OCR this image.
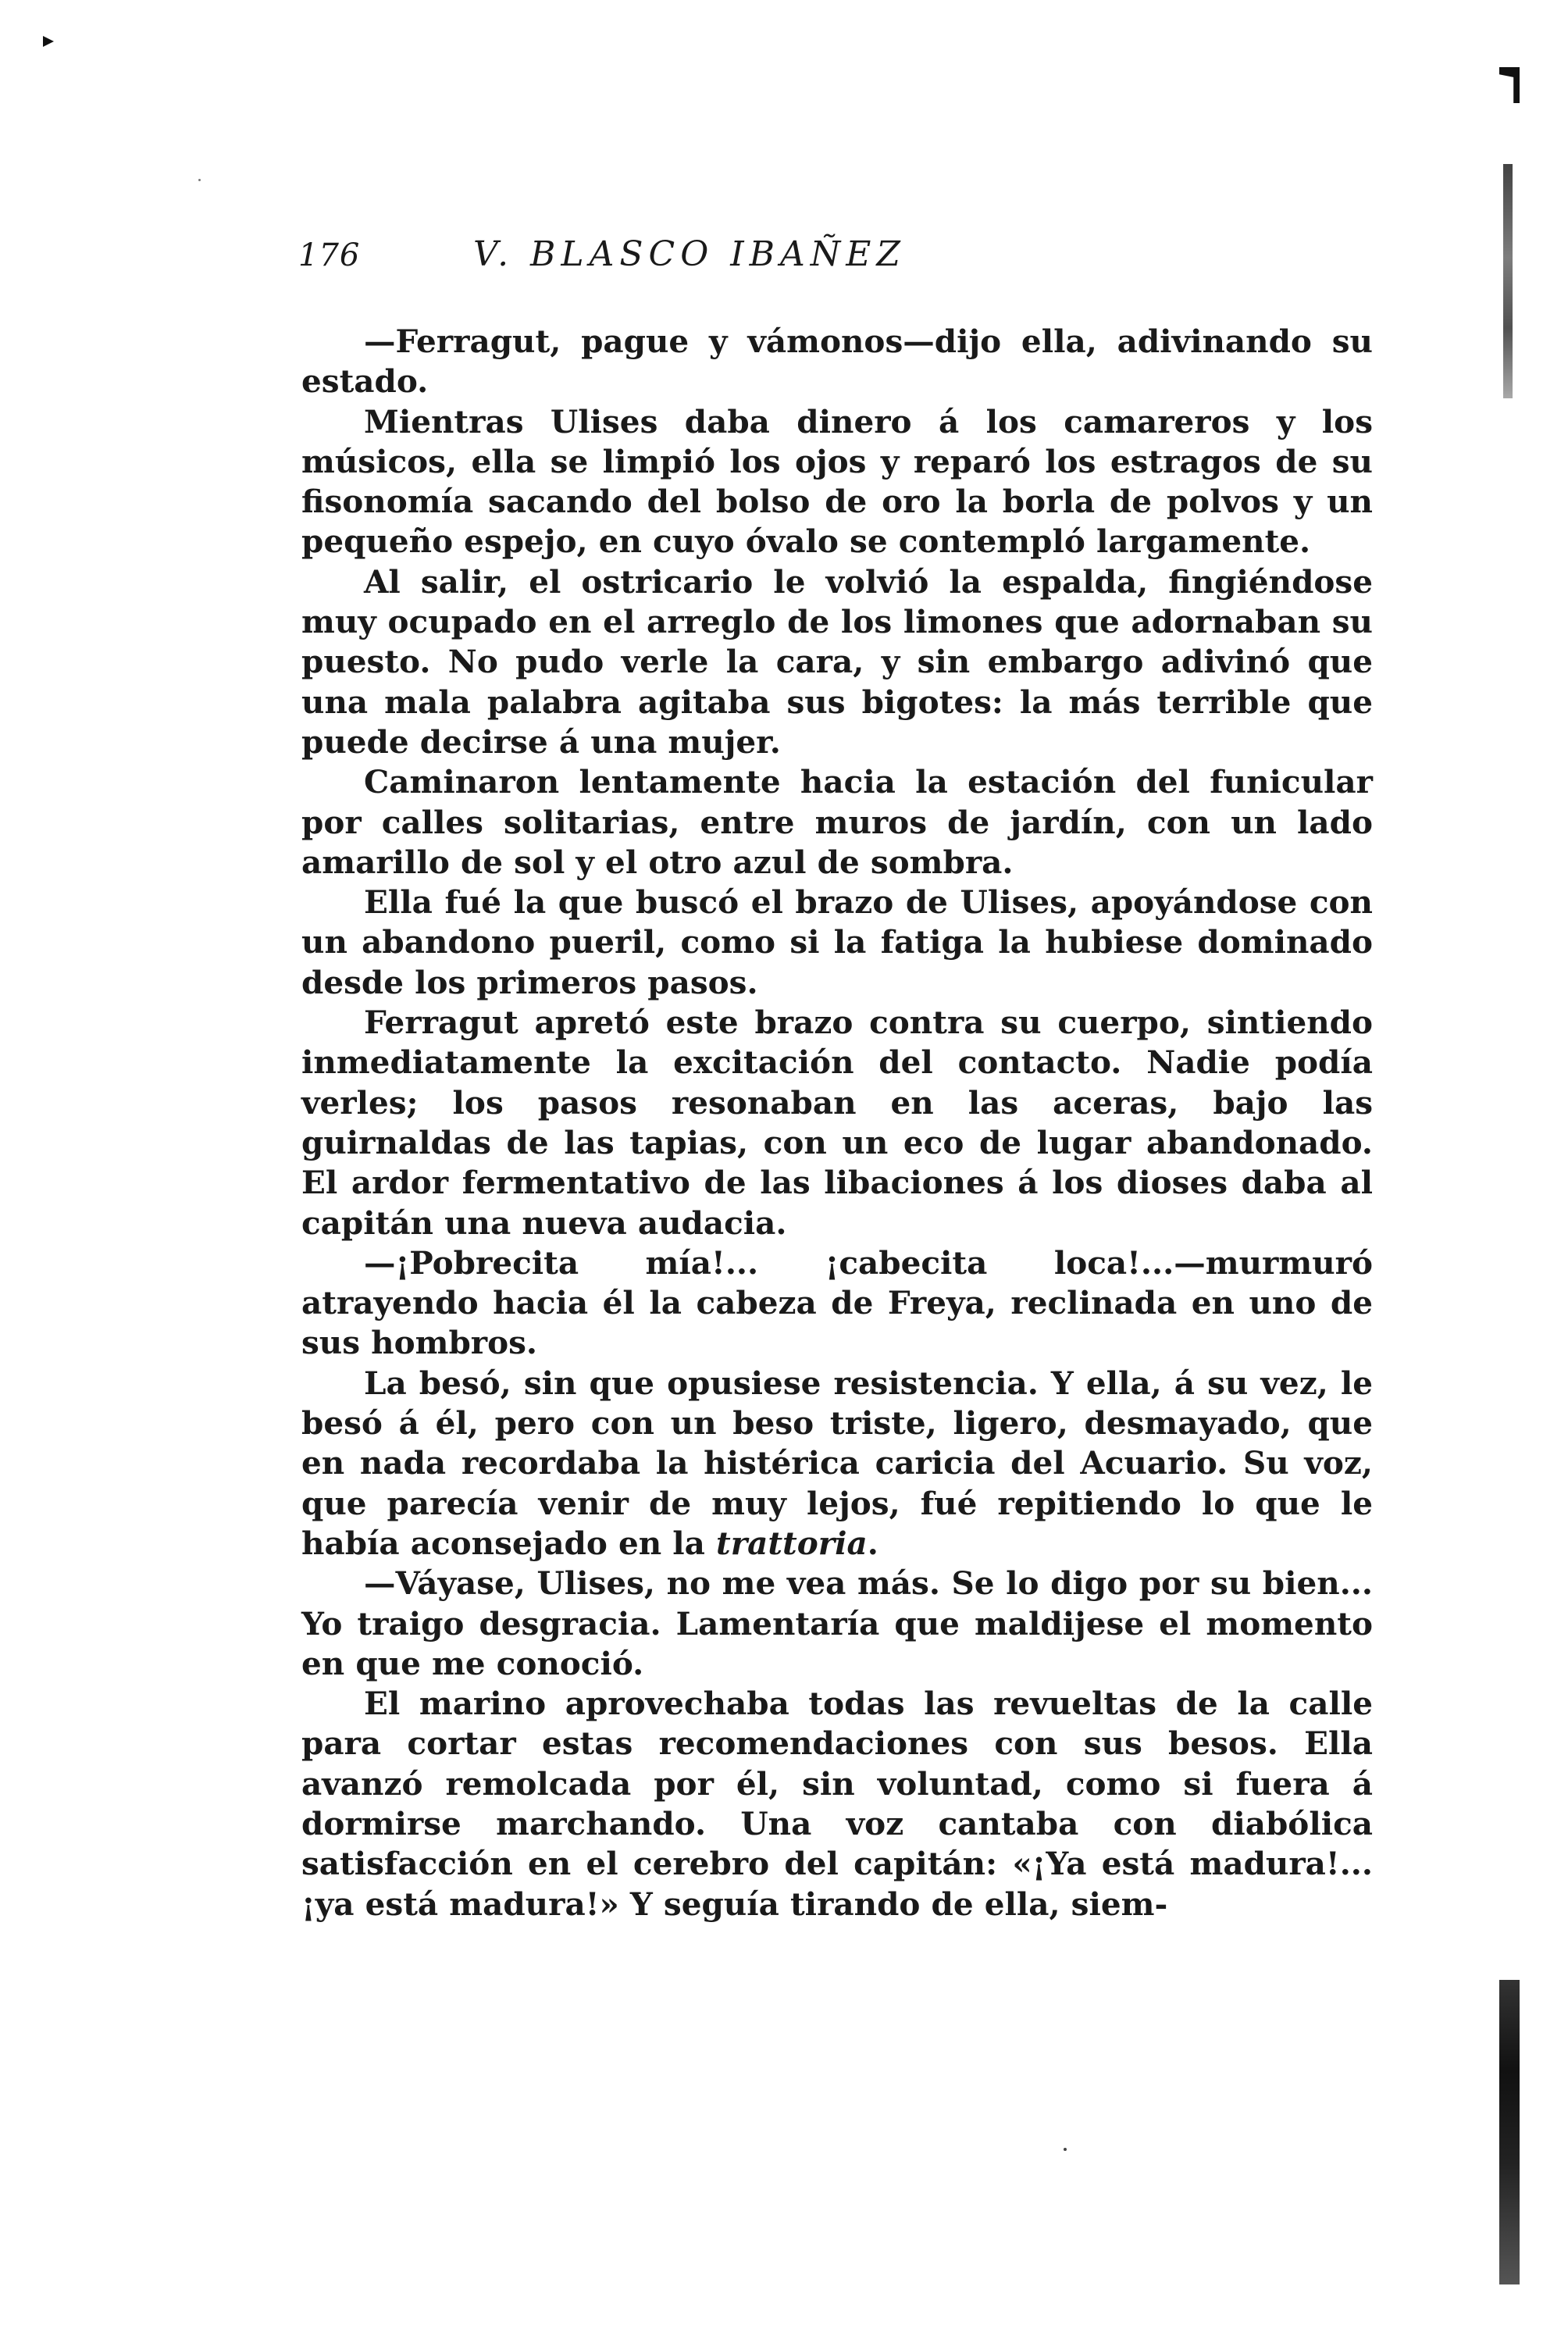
176	V. BLASCO IBAÑEZ

—Ferragut, pague y vámonos—dijo ella, adivinando su estado.

Mientras Ulises daba dinero á los camareros y los músicos, ella se limpió los ojos y reparó los estragos de su fisonomía sacando del bolso de oro la borla de polvos y un pequeño espejo, en cuyo óvalo se contempló largamente.

Al salir, el ostricario le volvió la espalda, fingiéndose muy ocupado en el arreglo de los limones que adornaban su puesto. No pudo verle la cara, y sin embargo adivinó que una mala palabra agitaba sus bigotes: la más terrible que puede decirse á una mujer.

Caminaron lentamente hacia la estación del funicular por calles solitarias, entre muros de jardín, con un lado amarillo de sol y el otro azul de sombra.

Ella fué la que buscó el brazo de Ulises, apoyándose con un abandono pueril, como si la fatiga la hubiese dominado desde los primeros pasos.

Ferragut apretó este brazo contra su cuerpo, sintiendo inmediatamente la excitación del contacto. Nadie podía verles; los pasos resonaban en las aceras, bajo las guirnaldas de las tapias, con un eco de lugar abandonado. El ardor fermentativo de las libaciones á los dioses daba al capitán una nueva audacia.

—¡Pobrecita mía!... ¡cabecita loca!...—murmuró atrayendo hacia él la cabeza de Freya, reclinada en uno de sus hombros.

La besó, sin que opusiese resistencia. Y ella, á su vez, le besó á él, pero con un beso triste, ligero, desmayado, que en nada recordaba la histérica caricia del Acuario. Su voz, que parecía venir de muy lejos, fué repitiendo lo que le había aconsejado en la trattoria.

—Váyase, Ulises, no me vea más. Se lo digo por su bien... Yo traigo desgracia. Lamentaría que maldijese el momento en que me conoció.

El marino aprovechaba todas las revueltas de la calle para cortar estas recomendaciones con sus besos. Ella avanzó remolcada por él, sin voluntad, como si fuera á dormirse marchando. Una voz cantaba con diabólica satisfacción en el cerebro del capitán: «¡Ya está madura!... ¡ya está madura!» Y seguía tirando de ella, siem-
